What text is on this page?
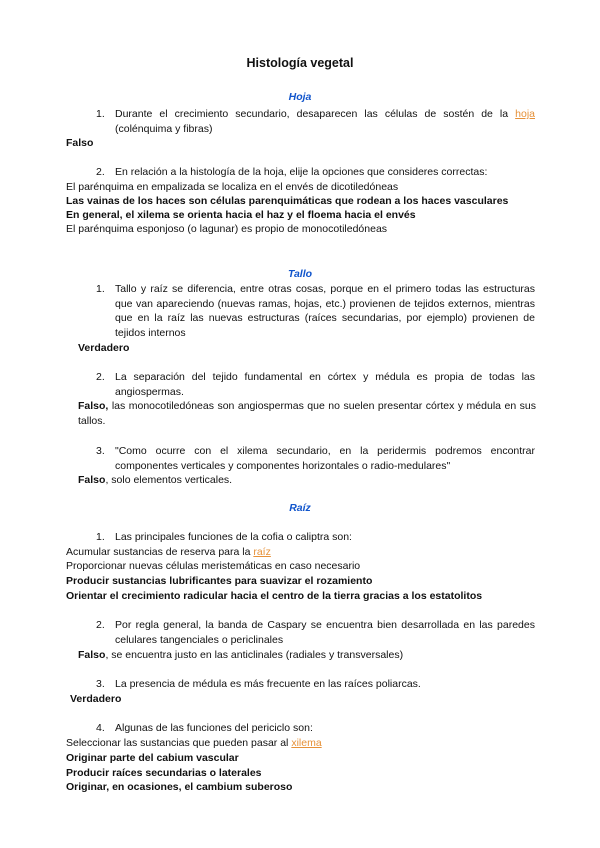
Histología vegetal
Hoja
1. Durante el crecimiento secundario, desaparecen las células de sostén de la hoja (colénquima y fibras)
Falso
2. En relación a la histología de la hoja, elije la opciones que consideres correctas:
El parénquima en empalizada se localiza en el envés de dicotiledóneas
Las vainas de los haces son células parenquimáticas que rodean a los haces vasculares
En general, el xilema se orienta hacia el haz y el floema hacia el envés
El parénquima esponjoso (o lagunar) es propio de monocotiledóneas
Tallo
1. Tallo y raíz se diferencia, entre otras cosas, porque en el primero todas las estructuras que van apareciendo (nuevas ramas, hojas, etc.) provienen de tejidos externos, mientras que en la raíz las nuevas estructuras (raíces secundarias, por ejemplo) provienen de tejidos internos
Verdadero
2. La separación del tejido fundamental en córtex y médula es propia de todas las angiospermas.
Falso, las monocotiledóneas son angiospermas que no suelen presentar córtex y médula en sus tallos.
3. "Como ocurre con el xilema secundario, en la peridermis podremos encontrar componentes verticales y componentes horizontales o radio-medulares"
Falso, solo elementos verticales.
Raíz
1. Las principales funciones de la cofia o caliptra son:
Acumular sustancias de reserva para la raíz
Proporcionar nuevas células meristemáticas en caso necesario
Producir sustancias lubrificantes para suavizar el rozamiento
Orientar el crecimiento radicular hacia el centro de la tierra gracias a los estatolitos
2. Por regla general, la banda de Caspary se encuentra bien desarrollada en las paredes celulares tangenciales o periclinales
Falso, se encuentra justo en las anticlinales (radiales y transversales)
3. La presencia de médula es más frecuente en las raíces poliarcas.
Verdadero
4. Algunas de las funciones del periciclo son:
Seleccionar las sustancias que pueden pasar al xilema
Originar parte del cabium vascular
Producir raíces secundarias o laterales
Originar, en ocasiones, el cambium suberoso
